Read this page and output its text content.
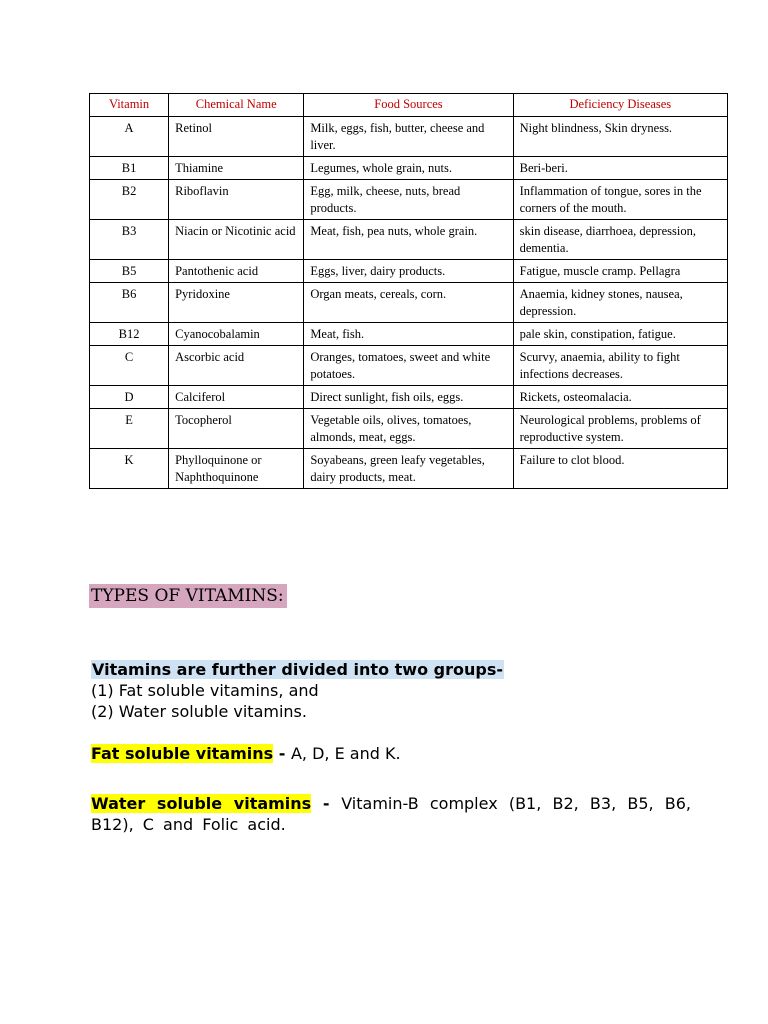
Vitamin	Chemical Name	Food Sources	Deficiency Diseases
A	Retinol	Milk, eggs, fish, butter, cheese and liver.	Night blindness, Skin dryness.
B1	Thiamine	Legumes, whole grain, nuts.	Beri-beri.
B2	Riboflavin	Egg, milk, cheese, nuts, bread products.	Inflammation of tongue, sores in the corners of the mouth.
B3	Niacin or Nicotinic acid	Meat, fish, pea nuts, whole grain.	skin disease, diarrhoea, depression, dementia.
B5	Pantothenic acid	Eggs, liver, dairy products.	Fatigue, muscle cramp. Pellagra
B6	Pyridoxine	Organ meats, cereals, corn.	Anaemia, kidney stones, nausea, depression.
B12	Cyanocobalamin	Meat, fish.	pale skin, constipation, fatigue.
C	Ascorbic acid	Oranges, tomatoes, sweet and white potatoes.	Scurvy, anaemia, ability to fight infections decreases.
D	Calciferol	Direct sunlight, fish oils, eggs.	Rickets, osteomalacia.
E	Tocopherol	Vegetable oils, olives, tomatoes, almonds, meat, eggs.	Neurological problems, problems of reproductive system.
K	Phylloquinone or Naphthoquinone	Soyabeans, green leafy vegetables, dairy products, meat.	Failure to clot blood.
TYPES OF VITAMINS:

Vitamins are further divided into two groups-
(1) Fat soluble vitamins, and
(2) Water soluble vitamins.

Fat soluble vitamins - A, D, E and K.

Water soluble vitamins - Vitamin-B complex (B1, B2, B3, B5, B6, B12), C and Folic acid.
